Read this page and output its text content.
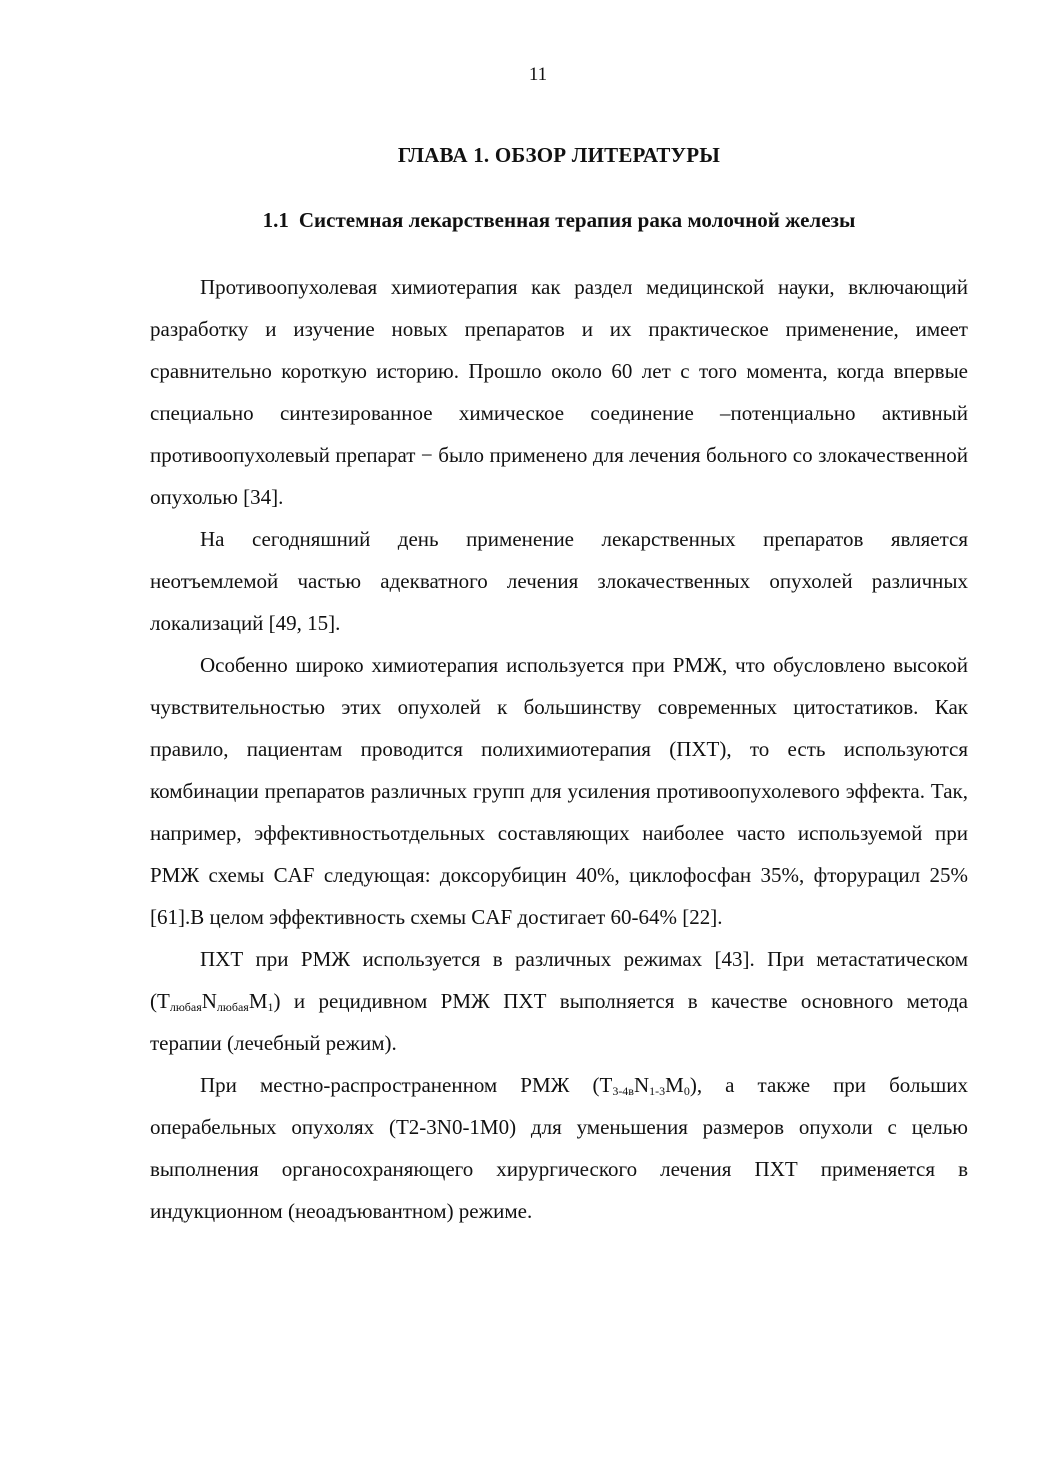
11
ГЛАВА 1. ОБЗОР ЛИТЕРАТУРЫ
1.1 Системная лекарственная терапия рака молочной железы

Противоопухолевая химиотерапия как раздел медицинской науки, включающий разработку и изучение новых препаратов и их практическое применение, имеет сравнительно короткую историю. Прошло около 60 лет с того момента, когда впервые специально синтезированное химическое соединение –потенциально активный противоопухолевый препарат − было применено для лечения больного со злокачественной опухолью [34].

На сегодняшний день применение лекарственных препаратов является неотъемлемой частью адекватного лечения злокачественных опухолей различных локализаций [49, 15].

Особенно широко химиотерапия используется при РМЖ, что обусловлено высокой чувствительностью этих опухолей к большинству современных цитостатиков. Как правило, пациентам проводится полихимиотерапия (ПХТ), то есть используются комбинации препаратов различных групп для усиления противоопухолевого эффекта. Так, например, эффективностьотдельных составляющих наиболее часто используемой при РМЖ схемы CAF следующая: доксорубицин 40%, циклофосфан 35%, фторурацил 25% [61].В целом эффективность схемы CAF достигает 60-64% [22].

ПХТ при РМЖ используется в различных режимах [43]. При метастатическом $(T_{любая}N_{любая}M_1)$ и рецидивном РМЖ ПХТ выполняется в качестве основного метода терапии (лечебный режим).

При местно-распространенном РМЖ $(T_{3-4в}N_{1-3}M_0)$, а также при больших операбельных опухолях (T2-3N0-1M0) для уменьшения размеров опухоли с целью выполнения органосохраняющего хирургического лечения ПХТ применяется в индукционном (неоадъювантном) режиме.
